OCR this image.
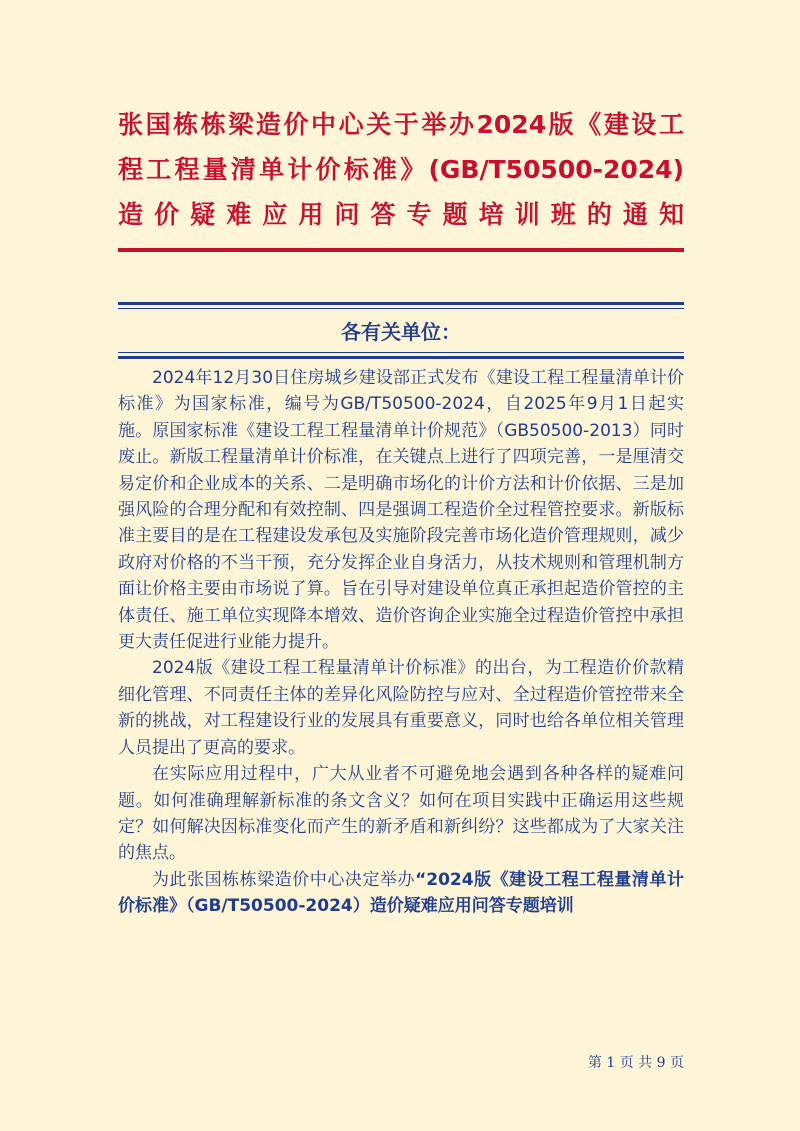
张国栋栋梁造价中心关于举办2024版《建设工
程工程量清单计价标准》(GB/T50500-2024)
造价疑难应用问答专题培训班的通知
各有关单位：

2024年12月30日住房城乡建设部正式发布《建设工程工程量清单计价标准》为国家标准，编号为GB/T50500-2024，自2025年9月1日起实施。原国家标准《建设工程工程量清单计价规范》（GB50500-2013）同时废止。新版工程量清单计价标准，在关键点上进行了四项完善，一是厘清交易定价和企业成本的关系、二是明确市场化的计价方法和计价依据、三是加强风险的合理分配和有效控制、四是强调工程造价全过程管控要求。新版标准主要目的是在工程建设发承包及实施阶段完善市场化造价管理规则，减少政府对价格的不当干预，充分发挥企业自身活力，从技术规则和管理机制方面让价格主要由市场说了算。旨在引导对建设单位真正承担起造价管控的主体责任、施工单位实现降本增效、造价咨询企业实施全过程造价管控中承担更大责任促进行业能力提升。

2024版《建设工程工程量清单计价标准》的出台，为工程造价价款精细化管理、不同责任主体的差异化风险防控与应对、全过程造价管控带来全新的挑战，对工程建设行业的发展具有重要意义，同时也给各单位相关管理人员提出了更高的要求。

在实际应用过程中，广大从业者不可避免地会遇到各种各样的疑难问题。如何准确理解新标准的条文含义？如何在项目实践中正确运用这些规定？如何解决因标准变化而产生的新矛盾和新纠纷？这些都成为了大家关注的焦点。

为此张国栋栋梁造价中心决定举办“2024版《建设工程工程量清单计价标准》（GB/T50500-2024）造价疑难应用问答专题培训

第 1 页 共 9 页
